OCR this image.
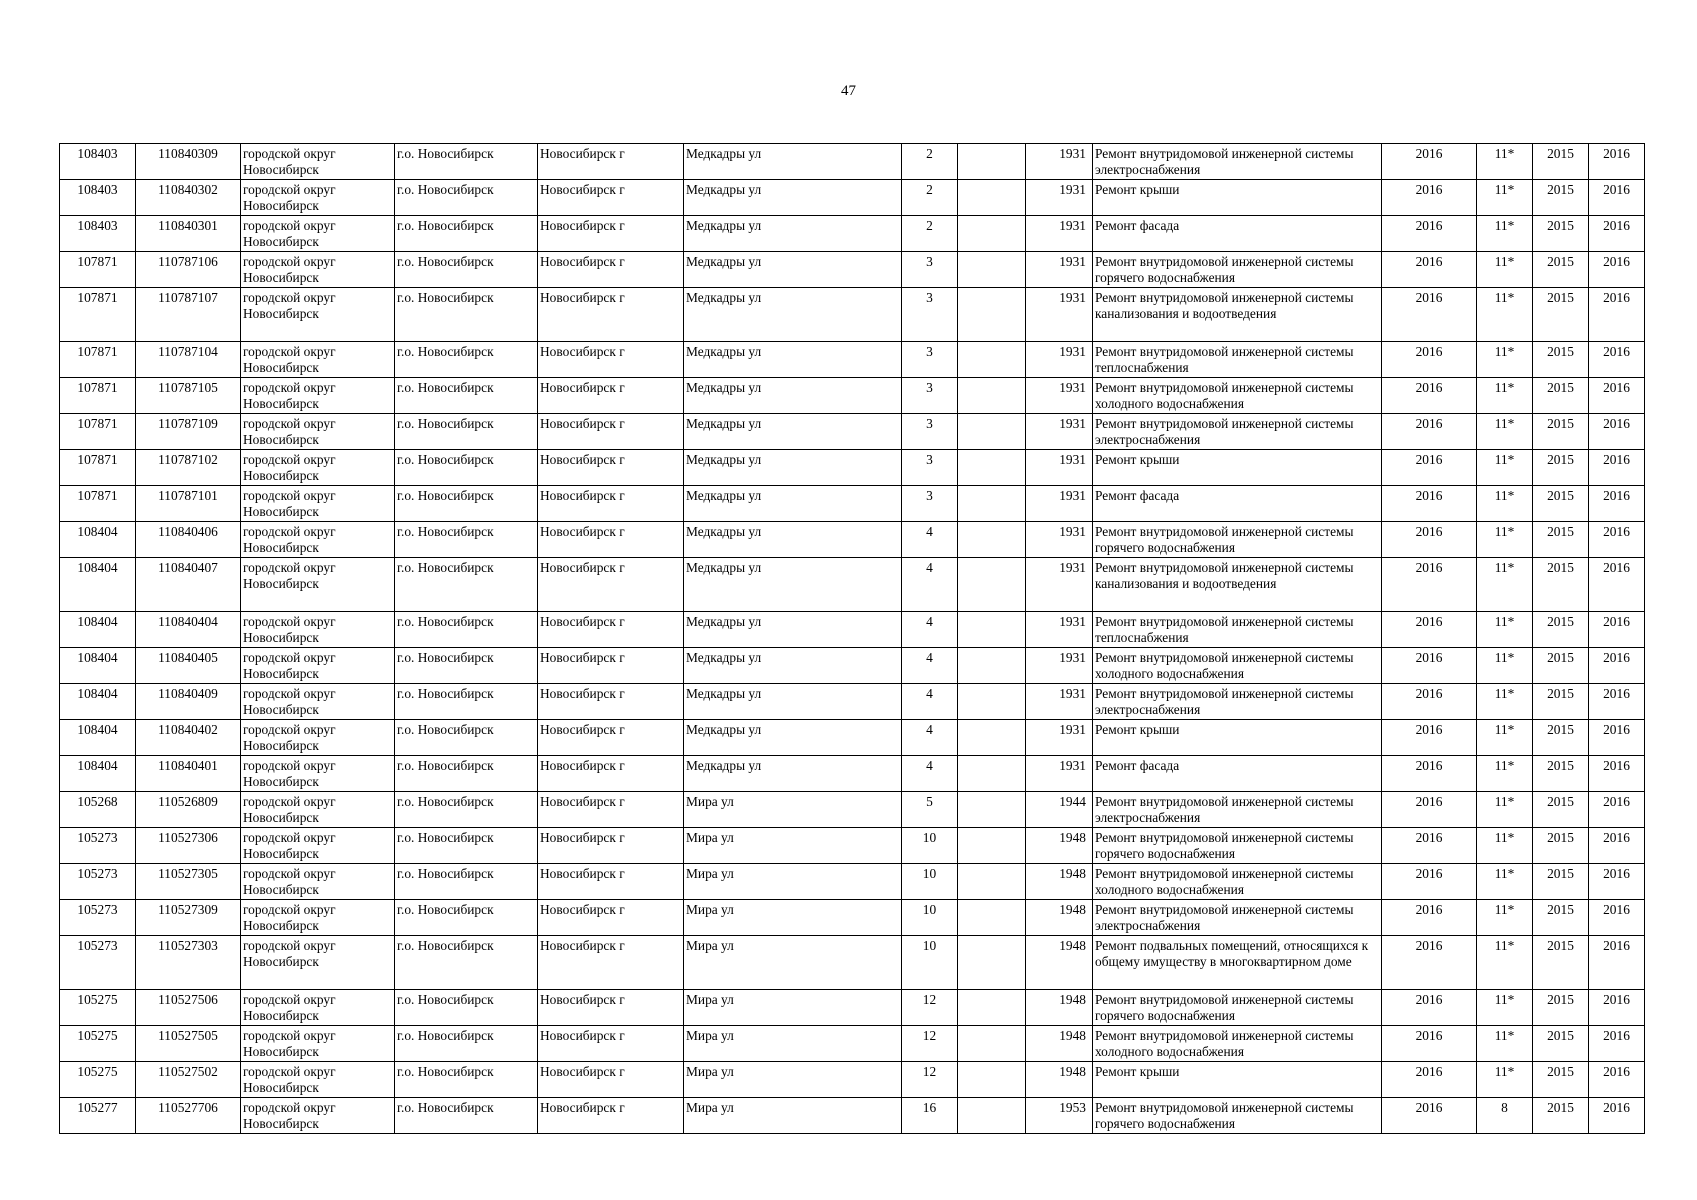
47
108403	110840309	городской округ Новосибирск	г.о. Новосибирск	Новосибирск г	Медкадры ул	2		1931	Ремонт внутридомовой инженерной системы электроснабжения	2016	11*	2015	2016
108403	110840302	городской округ Новосибирск	г.о. Новосибирск	Новосибирск г	Медкадры ул	2		1931	Ремонт крыши	2016	11*	2015	2016
108403	110840301	городской округ Новосибирск	г.о. Новосибирск	Новосибирск г	Медкадры ул	2		1931	Ремонт фасада	2016	11*	2015	2016
107871	110787106	городской округ Новосибирск	г.о. Новосибирск	Новосибирск г	Медкадры ул	3		1931	Ремонт внутридомовой инженерной системы горячего водоснабжения	2016	11*	2015	2016
107871	110787107	городской округ Новосибирск	г.о. Новосибирск	Новосибирск г	Медкадры ул	3		1931	Ремонт внутридомовой инженерной системы канализования и водоотведения	2016	11*	2015	2016
107871	110787104	городской округ Новосибирск	г.о. Новосибирск	Новосибирск г	Медкадры ул	3		1931	Ремонт внутридомовой инженерной системы теплоснабжения	2016	11*	2015	2016
107871	110787105	городской округ Новосибирск	г.о. Новосибирск	Новосибирск г	Медкадры ул	3		1931	Ремонт внутридомовой инженерной системы холодного водоснабжения	2016	11*	2015	2016
107871	110787109	городской округ Новосибирск	г.о. Новосибирск	Новосибирск г	Медкадры ул	3		1931	Ремонт внутридомовой инженерной системы электроснабжения	2016	11*	2015	2016
107871	110787102	городской округ Новосибирск	г.о. Новосибирск	Новосибирск г	Медкадры ул	3		1931	Ремонт крыши	2016	11*	2015	2016
107871	110787101	городской округ Новосибирск	г.о. Новосибирск	Новосибирск г	Медкадры ул	3		1931	Ремонт фасада	2016	11*	2015	2016
108404	110840406	городской округ Новосибирск	г.о. Новосибирск	Новосибирск г	Медкадры ул	4		1931	Ремонт внутридомовой инженерной системы горячего водоснабжения	2016	11*	2015	2016
108404	110840407	городской округ Новосибирск	г.о. Новосибирск	Новосибирск г	Медкадры ул	4		1931	Ремонт внутридомовой инженерной системы канализования и водоотведения	2016	11*	2015	2016
108404	110840404	городской округ Новосибирск	г.о. Новосибирск	Новосибирск г	Медкадры ул	4		1931	Ремонт внутридомовой инженерной системы теплоснабжения	2016	11*	2015	2016
108404	110840405	городской округ Новосибирск	г.о. Новосибирск	Новосибирск г	Медкадры ул	4		1931	Ремонт внутридомовой инженерной системы холодного водоснабжения	2016	11*	2015	2016
108404	110840409	городской округ Новосибирск	г.о. Новосибирск	Новосибирск г	Медкадры ул	4		1931	Ремонт внутридомовой инженерной системы электроснабжения	2016	11*	2015	2016
108404	110840402	городской округ Новосибирск	г.о. Новосибирск	Новосибирск г	Медкадры ул	4		1931	Ремонт крыши	2016	11*	2015	2016
108404	110840401	городской округ Новосибирск	г.о. Новосибирск	Новосибирск г	Медкадры ул	4		1931	Ремонт фасада	2016	11*	2015	2016
105268	110526809	городской округ Новосибирск	г.о. Новосибирск	Новосибирск г	Мира ул	5		1944	Ремонт внутридомовой инженерной системы электроснабжения	2016	11*	2015	2016
105273	110527306	городской округ Новосибирск	г.о. Новосибирск	Новосибирск г	Мира ул	10		1948	Ремонт внутридомовой инженерной системы горячего водоснабжения	2016	11*	2015	2016
105273	110527305	городской округ Новосибирск	г.о. Новосибирск	Новосибирск г	Мира ул	10		1948	Ремонт внутридомовой инженерной системы холодного водоснабжения	2016	11*	2015	2016
105273	110527309	городской округ Новосибирск	г.о. Новосибирск	Новосибирск г	Мира ул	10		1948	Ремонт внутридомовой инженерной системы электроснабжения	2016	11*	2015	2016
105273	110527303	городской округ Новосибирск	г.о. Новосибирск	Новосибирск г	Мира ул	10		1948	Ремонт подвальных помещений, относящихся к общему имуществу в многоквартирном доме	2016	11*	2015	2016
105275	110527506	городской округ Новосибирск	г.о. Новосибирск	Новосибирск г	Мира ул	12		1948	Ремонт внутридомовой инженерной системы горячего водоснабжения	2016	11*	2015	2016
105275	110527505	городской округ Новосибирск	г.о. Новосибирск	Новосибирск г	Мира ул	12		1948	Ремонт внутридомовой инженерной системы холодного водоснабжения	2016	11*	2015	2016
105275	110527502	городской округ Новосибирск	г.о. Новосибирск	Новосибирск г	Мира ул	12		1948	Ремонт крыши	2016	11*	2015	2016
105277	110527706	городской округ Новосибирск	г.о. Новосибирск	Новосибирск г	Мира ул	16		1953	Ремонт внутридомовой инженерной системы горячего водоснабжения	2016	8	2015	2016
